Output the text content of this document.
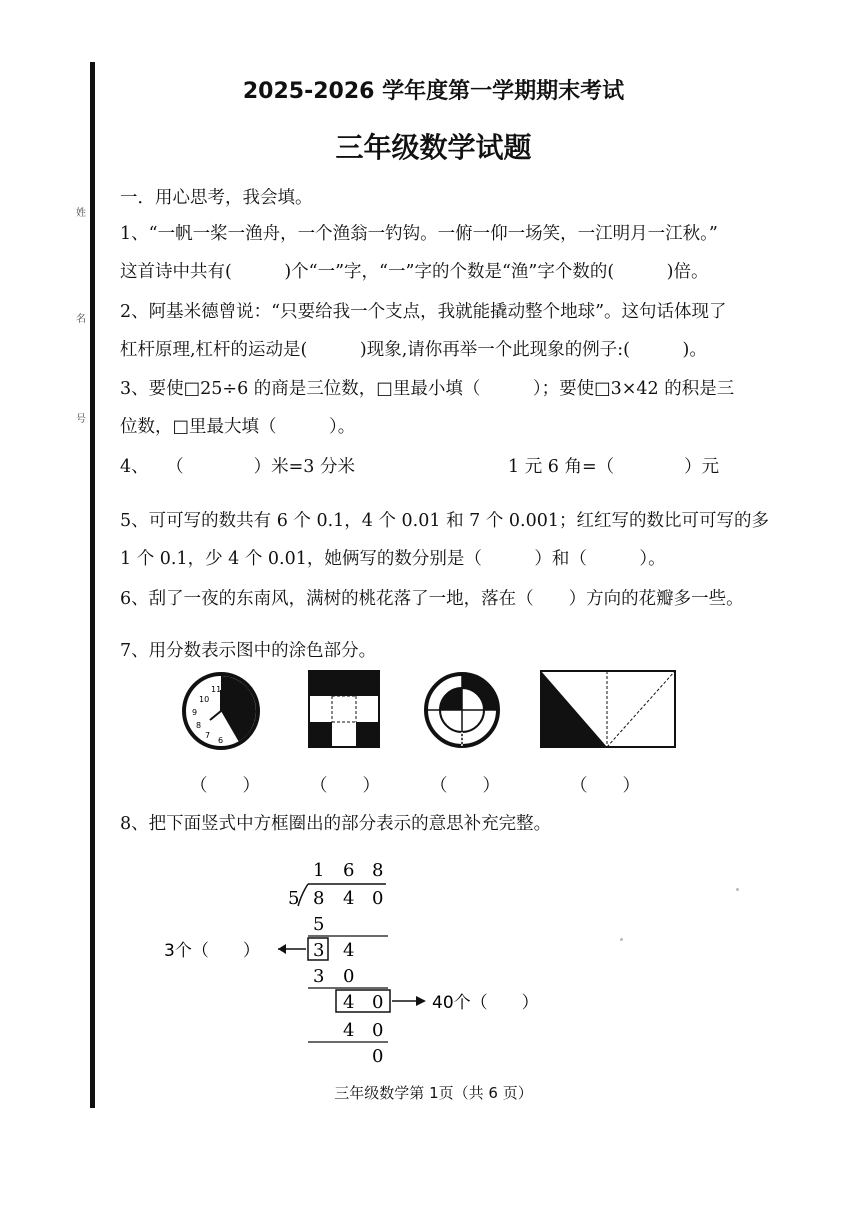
姓
名
号
2025-2026 学年度第一学期期末考试
三年级数学试题
一．用心思考，我会填。
1、“一帆一桨一渔舟，一个渔翁一钓钩。一俯一仰一场笑，一江明月一江秋。”
这首诗中共有(　　　)个“一”字，“一”字的个数是“渔”字个数的(　　　)倍。
2、阿基米德曾说：“只要给我一个支点，我就能撬动整个地球”。这句话体现了
杠杆原理,杠杆的运动是(　　　)现象,请你再举一个此现象的例子:(　　　)。
3、要使□25÷6 的商是三位数，□里最小填（　　　）；要使□3×42 的积是三
位数，□里最大填（　　　）。
4、　　（　　　　）米=3 分米	1 元 6 角=（　　　　）元
5、可可写的数共有 6 个 0.1，4 个 0.01 和 7 个 0.001；红红写的数比可可写的多
1 个 0.1，少 4 个 0.01，她俩写的数分别是（　　　）和（　　　）。
6、刮了一夜的东南风，满树的桃花落了一地，落在（　　）方向的花瓣多一些。
7、用分数表示图中的涂色部分。
11
10
9
8
7
6
（　　）	（　　）	（　　）	（　　）
8、把下面竖式中方框圈出的部分表示的意思补充完整。
1 6 8
5 8 4 0
5
3 4
3个（　　）
3 0
4 0	40个（　　）
4 0
0
三年级数学第 1页（共 6 页）
